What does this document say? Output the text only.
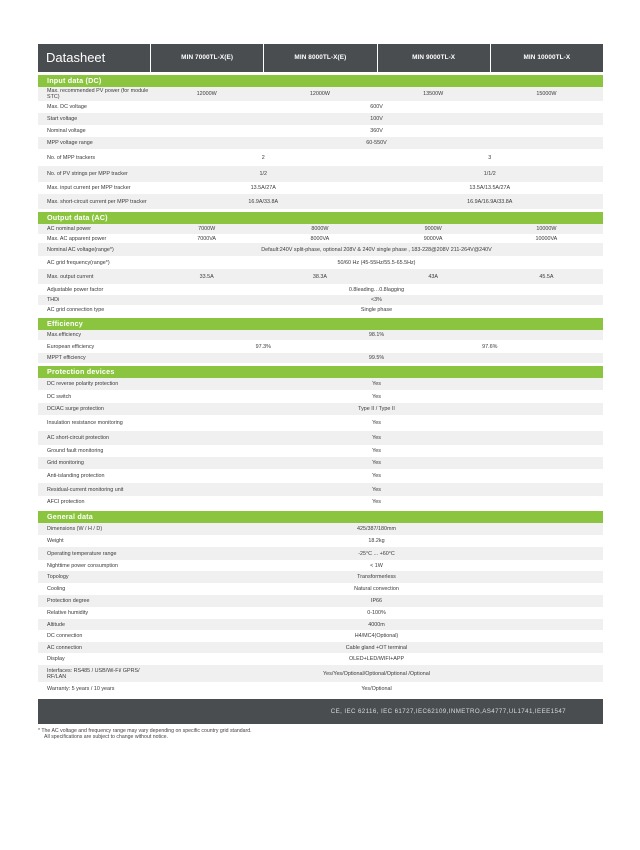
Datasheet	MIN 7000TL-X(E)	MIN 8000TL-X(E)	MIN 9000TL-X	MIN 10000TL-X
Input data (DC)
Max. recommended PV power (for module STC)	12000W	12000W	13500W	15000W
Max. DC voltage	600V
Start voltage	100V
Nominal voltage	360V
MPP voltage range	60-550V
No. of MPP trackers	2	3
No. of PV strings per MPP tracker	1/2	1/1/2
Max. input current per MPP tracker	13.5A/27A	13.5A/13.5A/27A
Max. short-circuit current per MPP tracker	16.9A/33.8A	16.9A/16.9A/33.8A
Output data (AC)
AC nominal power	7000W	8000W	9000W	10000W
Max. AC apparent power	7000VA	8000VA	9000VA	10000VA
Nominal AC voltage(range*)	Default:240V split-phase, optional 208V & 240V single phase , 183-228@208V 211-264V@240V
AC grid frequency(range*)	50/60 Hz (45-55Hz/55.5-65.5Hz)
Max. output current	33.5A	38.3A	43A	45.5A
Adjustable power factor	0.8leading…0.8lagging
THDi	<3%
AC grid connection type	Single phase
Efficiency
Max.efficiency	98.1%
European efficiency	97.3%	97.6%
MPPT efficiency	99.5%
Protection devices
DC reverse polarity protection	Yes
DC switch	Yes
DC/AC surge protection	Type II / Type II
Insulation resistance monitoring	Yes
AC short-circuit protection	Yes
Ground fault monitoring	Yes
Grid monitoring	Yes
Anti-islanding protection	Yes
Residual-current monitoring unit	Yes
AFCI protection	Yes
General data
Dimensions (W / H / D)	425/387/180mm
Weight	18.2kg
Operating temperature range	-25°C ... +60°C
Nighttime power consumption	< 1W
Topology	Transformerless
Cooling	Natural convection
Protection degree	IP66
Relative humidity	0-100%
Altitude	4000m
DC connection	H4/MC4(Optional)
AC connection	Cable gland +OT terminal
Display	OLED+LED/WIFI+APP
Interfaces: RS485 / USB/Wi-Fi/ GPRS/ RF/LAN	Yes/Yes/Optional/Optional/Optional /Optional
Warranty: 5 years / 10 years	Yes/Optional
CE, IEC 62116, IEC 61727,IEC62109,INMETRO,AS4777,UL1741,IEEE1547
* The AC voltage and frequency range may vary depending on specific country grid standard.
All specifications are subject to change without notice.
